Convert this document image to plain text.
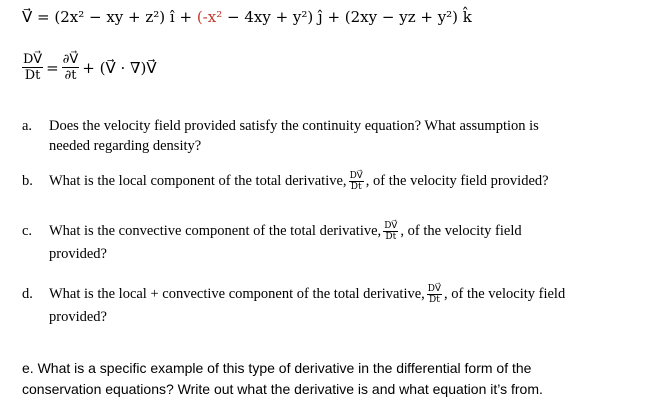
V⃗ = (2x² − xy + z²) î + (-x² − 4xy + y²) ĵ + (2xy − yz + y²) k̂
$\frac{DV⃗}{Dt} = \frac{\partial V⃗}{\partial t}$ + (V⃗ · ∇)V⃗
a. Does the velocity field provided satisfy the continuity equation? What assumption is
needed regarding density?
b. What is the local component of the total derivative, $\frac{DV⃗}{Dt}$ , of the velocity field provided?
c. What is the convective component of the total derivative, $\frac{DV⃗}{Dt}$ , of the velocity field
provided?
d. What is the local + convective component of the total derivative, $\frac{DV⃗}{Dt}$ , of the velocity field
provided?
e. What is a specific example of this type of derivative in the differential form of the
conservation equations? Write out what the derivative is and what equation it’s from.
